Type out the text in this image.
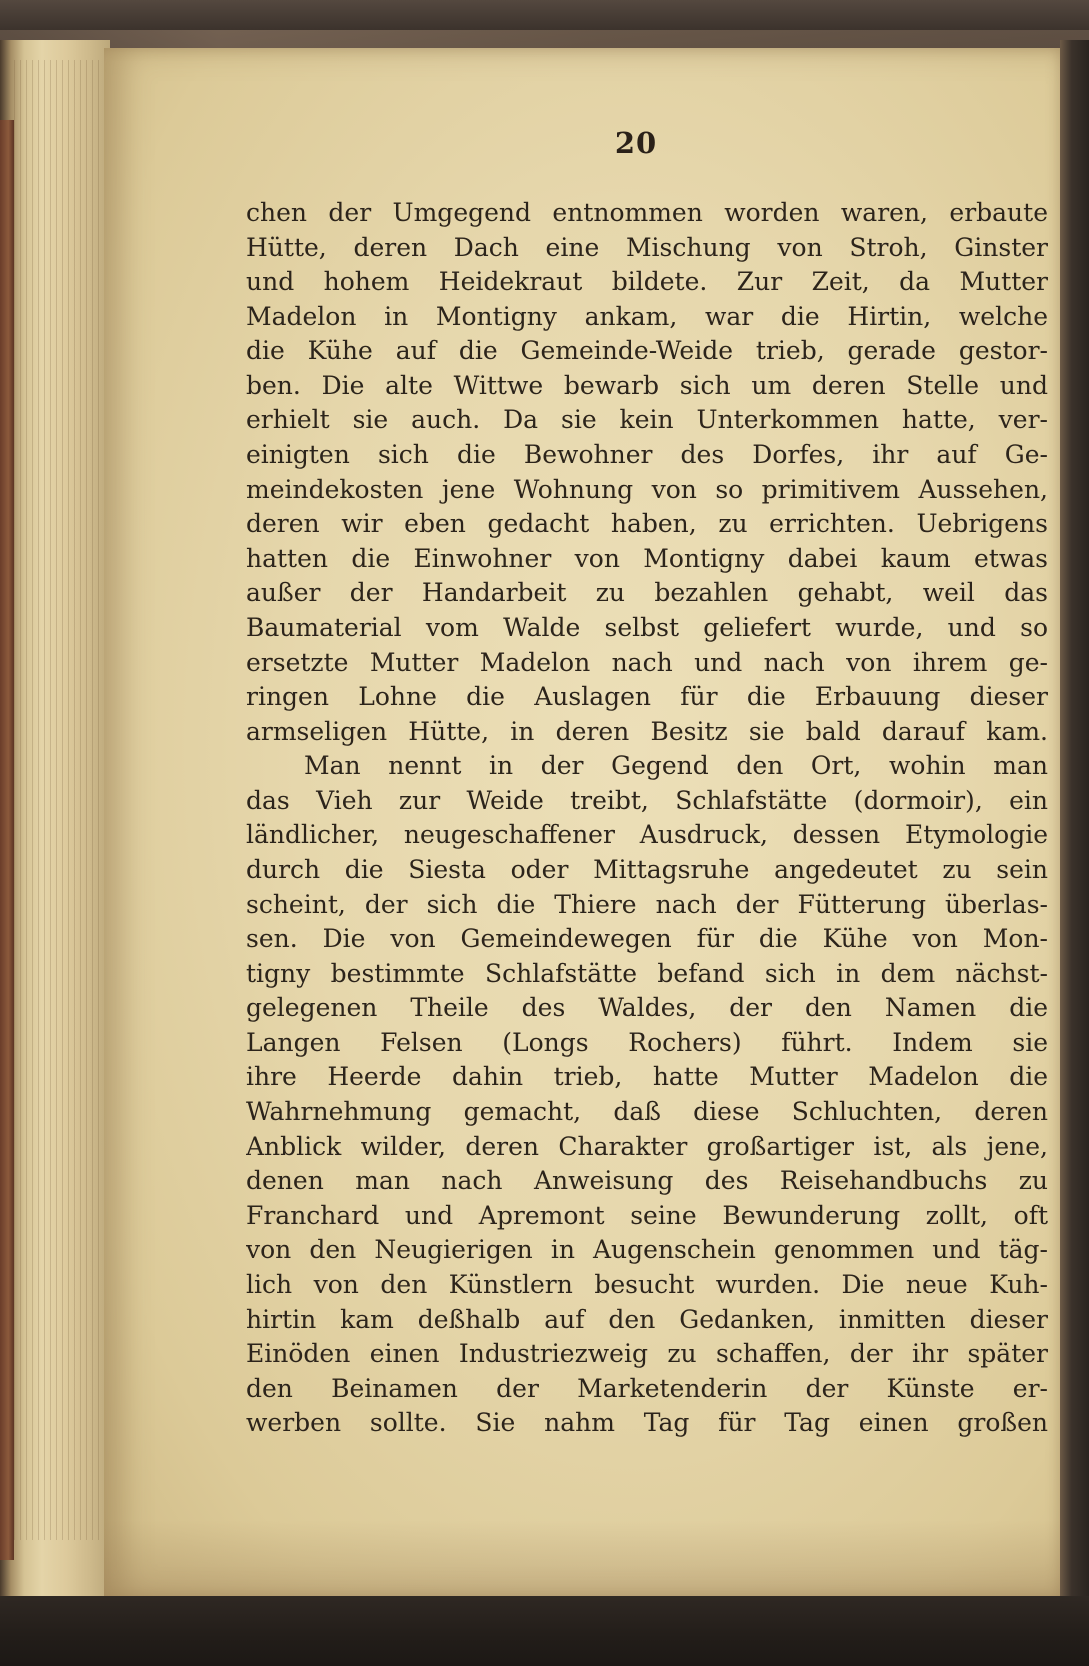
20
chen der Umgegend entnommen worden waren, erbaute
Hütte, deren Dach eine Mischung von Stroh, Ginster
und hohem Heidekraut bildete. Zur Zeit, da Mutter
Madelon in Montigny ankam, war die Hirtin, welche
die Kühe auf die Gemeinde-Weide trieb, gerade gestor-
ben. Die alte Wittwe bewarb sich um deren Stelle und
erhielt sie auch. Da sie kein Unterkommen hatte, ver-
einigten sich die Bewohner des Dorfes, ihr auf Ge-
meindekosten jene Wohnung von so primitivem Aussehen,
deren wir eben gedacht haben, zu errichten. Uebrigens
hatten die Einwohner von Montigny dabei kaum etwas
außer der Handarbeit zu bezahlen gehabt, weil das
Baumaterial vom Walde selbst geliefert wurde, und so
ersetzte Mutter Madelon nach und nach von ihrem ge-
ringen Lohne die Auslagen für die Erbauung dieser
armseligen Hütte, in deren Besitz sie bald darauf kam.
Man nennt in der Gegend den Ort, wohin man
das Vieh zur Weide treibt, Schlafstätte (dormoir), ein
ländlicher, neugeschaffener Ausdruck, dessen Etymologie
durch die Siesta oder Mittagsruhe angedeutet zu sein
scheint, der sich die Thiere nach der Fütterung überlas-
sen. Die von Gemeindewegen für die Kühe von Mon-
tigny bestimmte Schlafstätte befand sich in dem nächst-
gelegenen Theile des Waldes, der den Namen die
Langen Felsen (Longs Rochers) führt. Indem sie
ihre Heerde dahin trieb, hatte Mutter Madelon die
Wahrnehmung gemacht, daß diese Schluchten, deren
Anblick wilder, deren Charakter großartiger ist, als jene,
denen man nach Anweisung des Reisehandbuchs zu
Franchard und Apremont seine Bewunderung zollt, oft
von den Neugierigen in Augenschein genommen und täg-
lich von den Künstlern besucht wurden. Die neue Kuh-
hirtin kam deßhalb auf den Gedanken, inmitten dieser
Einöden einen Industriezweig zu schaffen, der ihr später
den Beinamen der Marketenderin der Künste er-
werben sollte. Sie nahm Tag für Tag einen großen
